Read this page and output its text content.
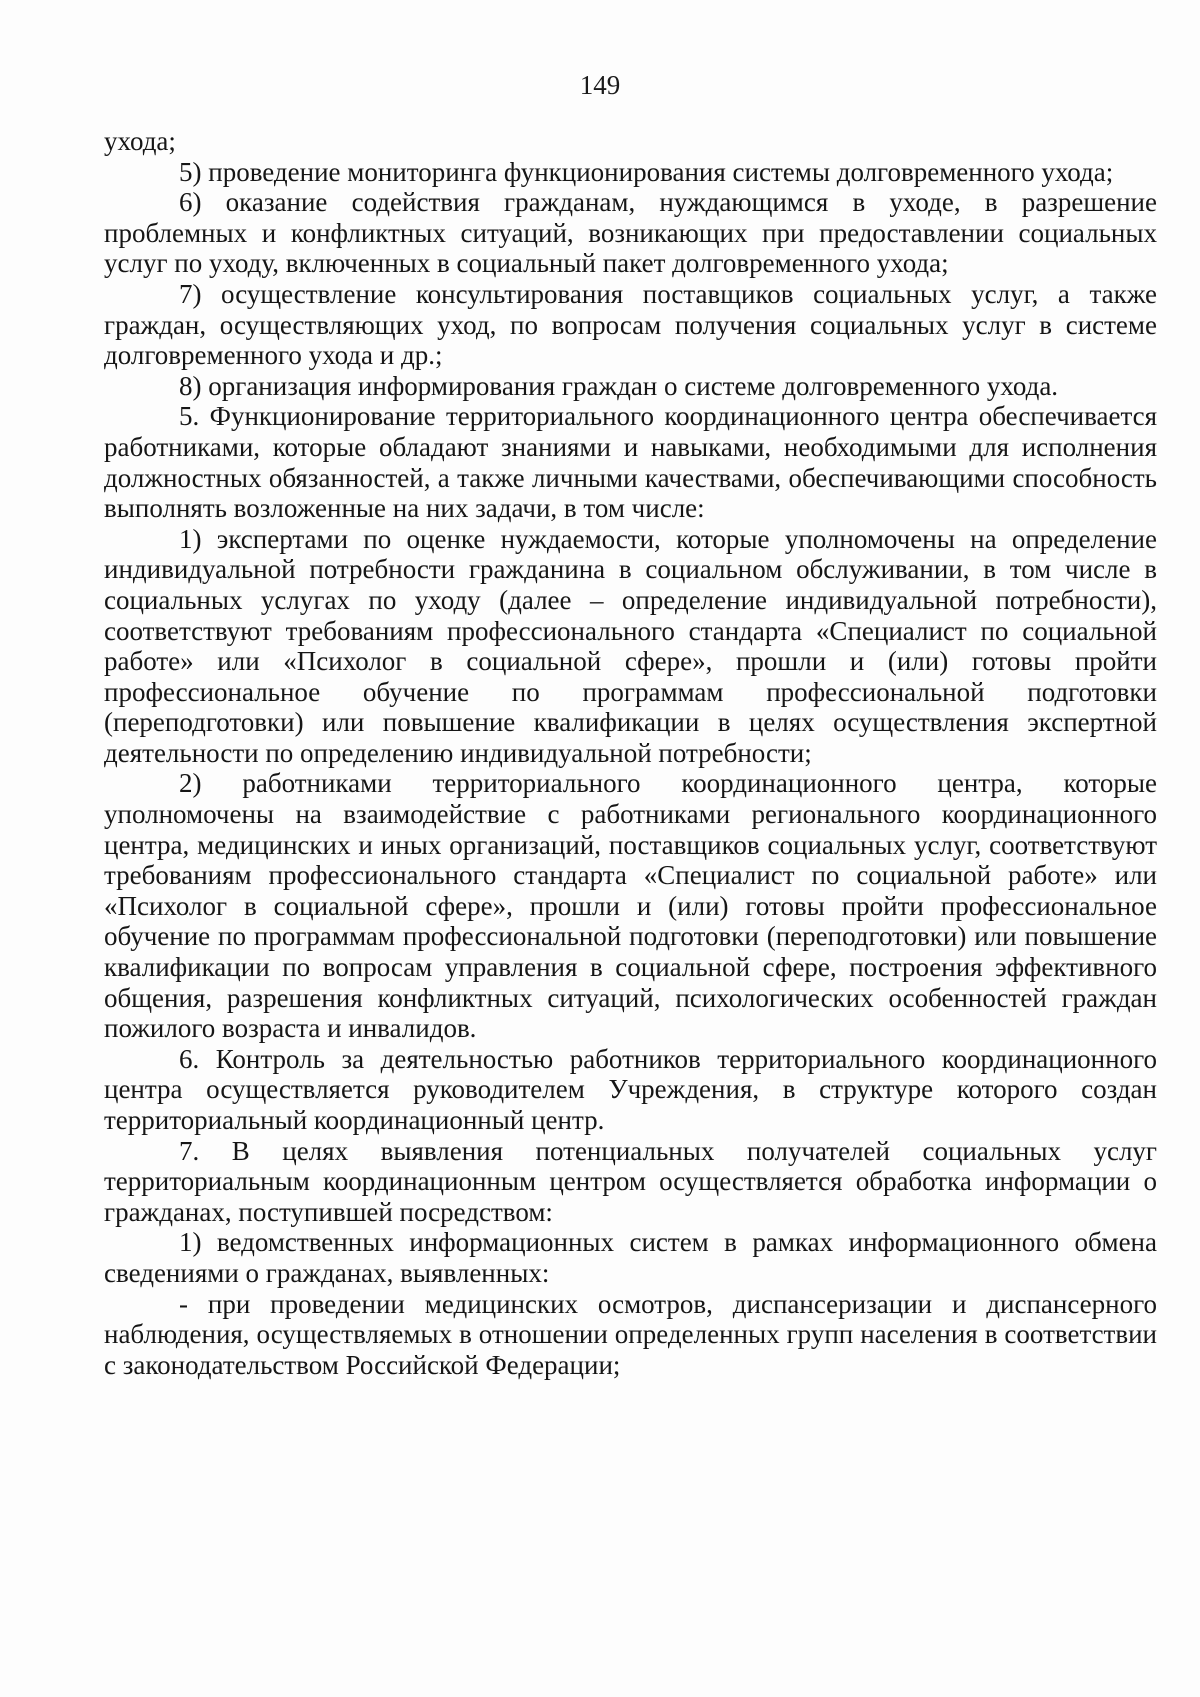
149

ухода;

5) проведение мониторинга функционирования системы долговременного ухода;

6) оказание содействия гражданам, нуждающимся в уходе, в разрешение проблемных и конфликтных ситуаций, возникающих при предоставлении социальных услуг по уходу, включенных в социальный пакет долговременного ухода;

7) осуществление консультирования поставщиков социальных услуг, а также граждан, осуществляющих уход, по вопросам получения социальных услуг в системе долговременного ухода и др.;

8) организация информирования граждан о системе долговременного ухода.

5. Функционирование территориального координационного центра обеспечивается работниками, которые обладают знаниями и навыками, необходимыми для исполнения должностных обязанностей, а также личными качествами, обеспечивающими способность выполнять возложенные на них задачи, в том числе:

1) экспертами по оценке нуждаемости, которые уполномочены на определение индивидуальной потребности гражданина в социальном обслуживании, в том числе в социальных услугах по уходу (далее – определение индивидуальной потребности), соответствуют требованиям профессионального стандарта «Специалист по социальной работе» или «Психолог в социальной сфере», прошли и (или) готовы пройти профессиональное обучение по программам профессиональной подготовки (переподготовки) или повышение квалификации в целях осуществления экспертной деятельности по определению индивидуальной потребности;

2) работниками территориального координационного центра, которые уполномочены на взаимодействие с работниками регионального координационного центра, медицинских и иных организаций, поставщиков социальных услуг, соответствуют требованиям профессионального стандарта «Специалист по социальной работе» или «Психолог в социальной сфере», прошли и (или) готовы пройти профессиональное обучение по программам профессиональной подготовки (переподготовки) или повышение квалификации по вопросам управления в социальной сфере, построения эффективного общения, разрешения конфликтных ситуаций, психологических особенностей граждан пожилого возраста и инвалидов.

6. Контроль за деятельностью работников территориального координационного центра осуществляется руководителем Учреждения, в структуре которого создан территориальный координационный центр.

7. В целях выявления потенциальных получателей социальных услуг территориальным координационным центром осуществляется обработка информации о гражданах, поступившей посредством:

1) ведомственных информационных систем в рамках информационного обмена сведениями о гражданах, выявленных:

- при проведении медицинских осмотров, диспансеризации и диспансерного наблюдения, осуществляемых в отношении определенных групп населения в соответствии с законодательством Российской Федерации;
